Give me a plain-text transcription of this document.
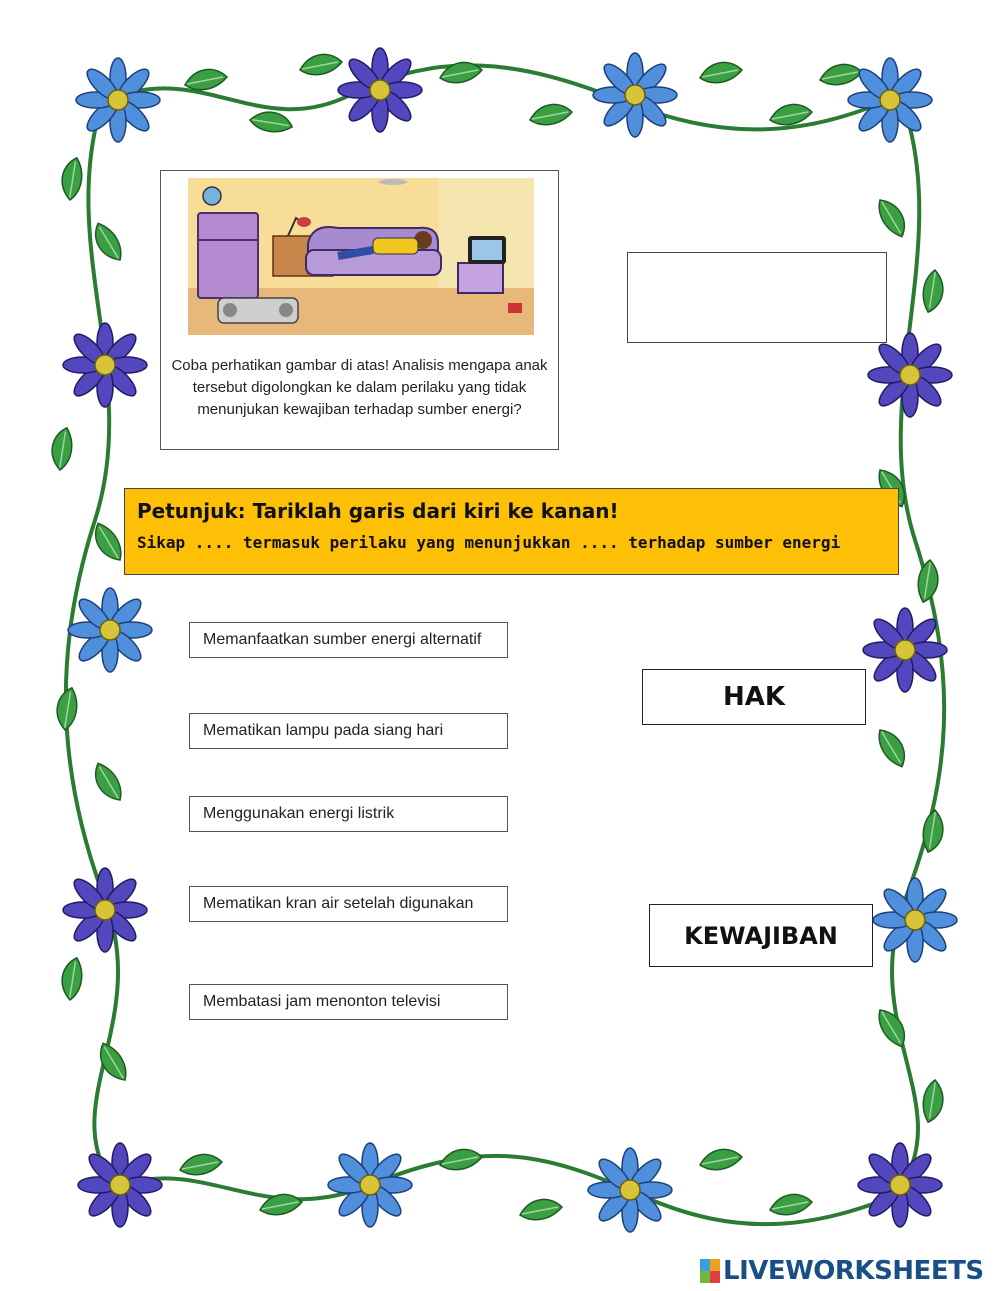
Coba perhatikan gambar di atas! Analisis mengapa anak tersebut digolongkan ke dalam perilaku yang tidak menunjukan kewajiban terhadap sumber energi?
Petunjuk: Tariklah garis dari kiri ke kanan!
Sikap .... termasuk perilaku yang menunjukkan .... terhadap sumber energi
Memanfaatkan sumber energi alternatif
Mematikan lampu pada siang hari
Menggunakan energi listrik
Mematikan kran air setelah digunakan
Membatasi jam menonton televisi
HAK
KEWAJIBAN
LIVEWORKSHEETS
